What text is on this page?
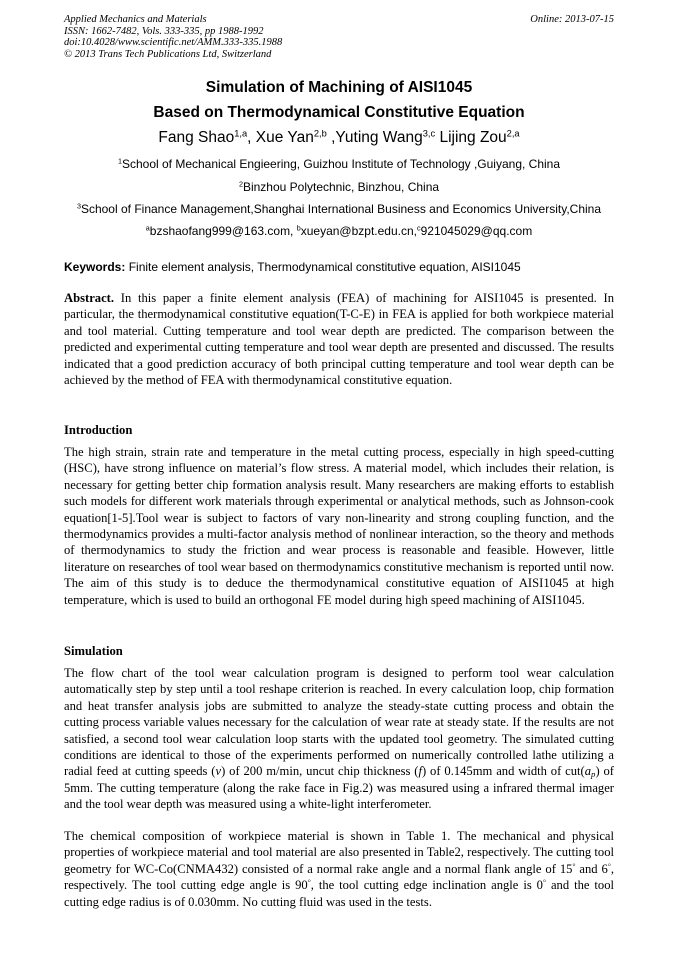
Applied Mechanics and Materials
ISSN: 1662-7482, Vols. 333-335, pp 1988-1992
doi:10.4028/www.scientific.net/AMM.333-335.1988
© 2013 Trans Tech Publications Ltd, Switzerland
Online: 2013-07-15
Simulation of Machining of AISI1045
Based on Thermodynamical Constitutive Equation
Fang Shao$^{1,a}$, Xue Yan$^{2,b}$ ,Yuting Wang$^{3,c}$ Lijing Zou$^{2,a}$
$^1$School of Mechanical Engieering, Guizhou Institute of Technology ,Guiyang, China
$^2$Binzhou Polytechnic, Binzhou, China
$^3$School of Finance Management,Shanghai International Business and Economics University,China
$^a$bzshaofang999@163.com, $^b$xueyan@bzpt.edu.cn,$^c$921045029@qq.com
Keywords: Finite element analysis, Thermodynamical constitutive equation, AISI1045
Abstract. In this paper a finite element analysis (FEA) of machining for AISI1045 is presented. In particular, the thermodynamical constitutive equation(T-C-E) in FEA is applied for both workpiece material and tool material. Cutting temperature and tool wear depth are predicted. The comparison between the predicted and experimental cutting temperature and tool wear depth are presented and discussed. The results indicated that a good prediction accuracy of both principal cutting temperature and tool wear depth can be achieved by the method of FEA with thermodynamical constitutive equation.
Introduction
The high strain, strain rate and temperature in the metal cutting process, especially in high speed-cutting (HSC), have strong influence on material’s flow stress. A material model, which includes their relation, is necessary for getting better chip formation analysis result. Many researchers are making efforts to establish such models for different work materials through experimental or analytical methods, such as Johnson-cook equation[1-5].Tool wear is subject to factors of vary non-linearity and strong coupling function, and the thermodynamics provides a multi-factor analysis method of nonlinear interaction, so the theory and methods of thermodynamics to study the friction and wear process is reasonable and feasible. However, little literature on researches of tool wear based on thermodynamics constitutive mechanism is reported until now. The aim of this study is to deduce the thermodynamical constitutive equation of AISI1045 at high temperature, which is used to build an orthogonal FE model during high speed machining of AISI1045.
Simulation
The flow chart of the tool wear calculation program is designed to perform tool wear calculation automatically step by step until a tool reshape criterion is reached. In every calculation loop, chip formation and heat transfer analysis jobs are submitted to analyze the steady-state cutting process and obtain the cutting process variable values necessary for the calculation of wear rate at steady state. If the results are not satisfied, a second tool wear calculation loop starts with the updated tool geometry. The simulated cutting conditions are identical to those of the experiments performed on numerically controlled lathe utilizing a radial feed at cutting speeds (v) of 200 m/min, uncut chip thickness (f) of 0.145mm and width of $cut(a_p)$ of 5mm. The cutting temperature (along the rake face in Fig.2) was measured using a infrared thermal imager and the tool wear depth was measured using a white-light interferometer.
The chemical composition of workpiece material is shown in Table 1. The mechanical and physical properties of workpiece material and tool material are also presented in Table2, respectively. The cutting tool geometry for WC-Co(CNMA432) consisted of a normal rake angle and a normal flank angle of 15° and 6°, respectively. The tool cutting edge angle is 90°, the tool cutting edge inclination angle is 0° and the tool cutting edge radius is of 0.030mm. No cutting fluid was used in the tests.
